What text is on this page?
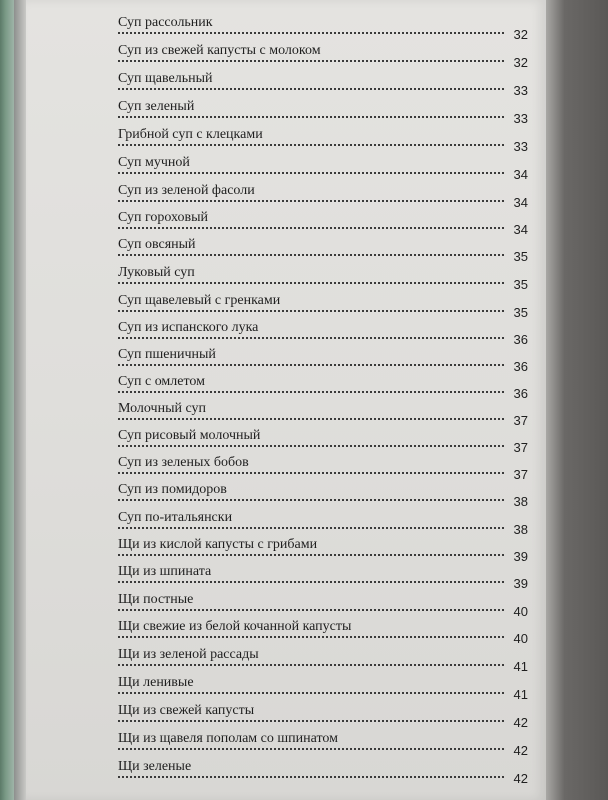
Суп рассольник
32
Суп из свежей капусты с молоком
32
Суп щавельный
33
Суп зеленый
33
Грибной суп с клецками
33
Суп мучной
34
Суп из зеленой фасоли
34
Суп гороховый
34
Суп овсяный
35
Луковый суп
35
Суп щавелевый с гренками
35
Суп из испанского лука
36
Суп пшеничный
36
Суп с омлетом
36
Молочный суп
37
Суп рисовый молочный
37
Суп из зеленых бобов
37
Суп из помидоров
38
Суп по-итальянски
38
Щи из кислой капусты с грибами
39
Щи из шпината
39
Щи постные
40
Щи свежие из белой кочанной капусты
40
Щи из зеленой рассады
41
Щи ленивые
41
Щи из свежей капусты
42
Щи из щавеля пополам со шпинатом
42
Щи зеленые
42
